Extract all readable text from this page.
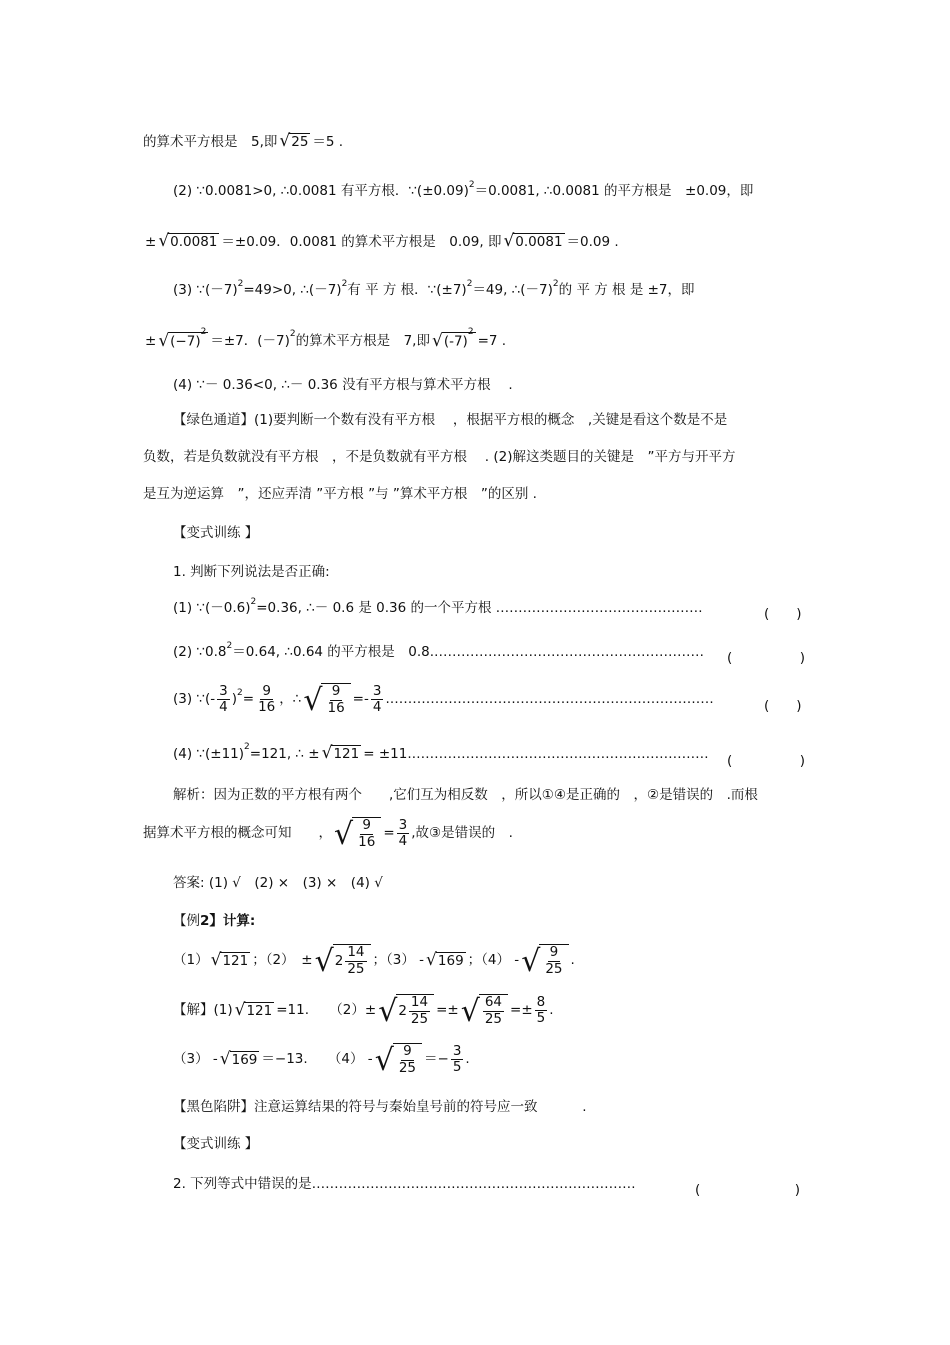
的算术平方根是　5,即 √ 25 ＝5 .
(2) ∵0.0081>0, ∴0.0081 有平方根．∵(±0.09) 2 ＝0.0081, ∴0.0081 的平方根是　±0.09，即
± √ 0.0081 ＝±0.09．0.0081 的算术平方根是　0.09, 即 √ 0.0081 ＝0.09 .
(3) ∵(－7) 2 =49>0, ∴(－7) 2 有 平 方 根．∵(±7) 2 ＝49, ∴(－7) 2 的 平 方 根 是 ±7，即
± √ $(-7)^2$
＝±7．(－7) 2 的算术平方根是　7,即 √ $(-7)^2$
=7 .
(4) ∵－ 0.36<0, ∴－ 0.36 没有平方根与算术平方根　 .
【绿色通道】(1)要判断一个数有没有平方根　 ，根据平方根的概念　,关键是看这个数是不是
负数，若是负数就没有平方根　，不是负数就有平方根　 . (2)解这类题目的关键是　”平方与开平方
是互为逆运算　”，还应弄清 ”平方根 ”与 ”算术平方根　”的区别 .
【变式训练 】
1. 判断下列说法是否正确:
(1) ∵(－0.6) 2 =0.36, ∴－ 0.6 是 0.36 的一个平方根 .………………………………………	(　　)
(2) ∵0.8 2 ＝0.64, ∴0.64 的平方根是　0.8.…………………………………………………… (　　　　　)
(3) ∵(- $\frac{3}{4}$ ) $2 = \frac{9}{16}$ ，∴ √ $\frac{9}{16} =- \frac{3}{4}$ .………………………………………………………………	(　　)
(4) ∵(±11) 2 =121, ∴ ± √ 121 = ±11.………………………………………………………… (　　　　　)
解析：因为正数的平方根有两个　　,它们互为相反数　，所以①④是正确的　，②是错误的　.而根
据算术平方根的概念可知　　， √ $\frac{9}{16} = \frac{3}{4}$ ,故③是错误的　.
答案: (1) √　(2) ×　(3) ×　(4) √
【例 2】计算:
（1） √ 121 ；（2）　± √ $2 \frac{14}{25}$ ；（3） - √ 169 ；（4） - √ $\frac{9}{25}$ .
【解】(1) √ 121 =11.　　（2）± √ $2 \frac{14}{25}$ =± √ $\frac{64}{25} =\pm \frac{8}{5}$ .
（3） - √ 169 ＝−13.　　（4） - √ $\frac{9}{25} =- \frac{3}{5}$ .
【黑色陷阱】注意运算结果的符号与秦始皇号前的符号应一致　　　 .
【变式训练 】
2. 下列等式中错误的是………………………………………………………………	(　　　　　　　)
